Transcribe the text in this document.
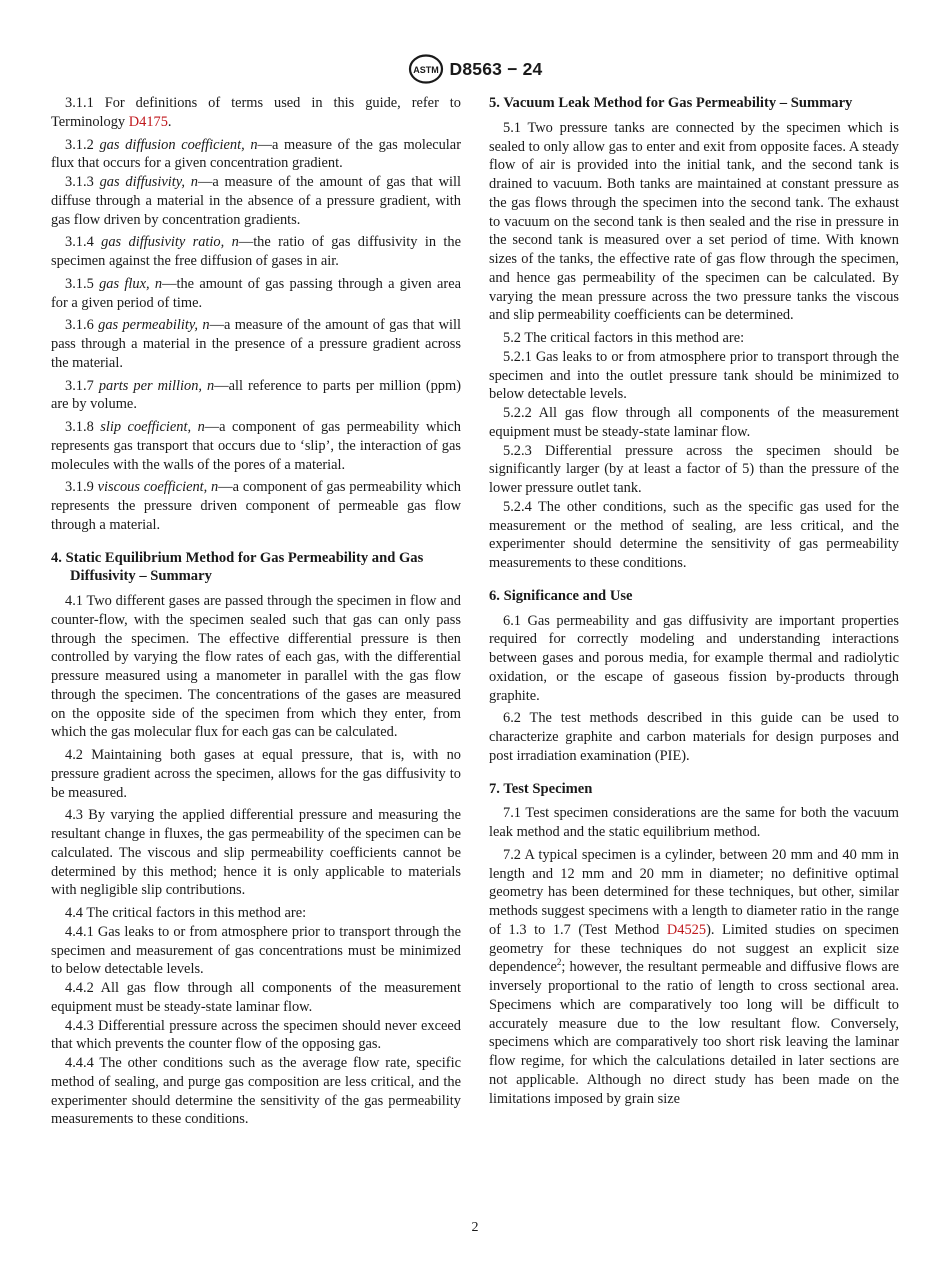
ASTM D8563 − 24

3.1.1 For definitions of terms used in this guide, refer to Terminology D4175.

3.1.2 gas diffusion coefficient, n—a measure of the gas molecular flux that occurs for a given concentration gradient.

3.1.3 gas diffusivity, n—a measure of the amount of gas that will diffuse through a material in the absence of a pressure gradient, with gas flow driven by concentration gradients.

3.1.4 gas diffusivity ratio, n—the ratio of gas diffusivity in the specimen against the free diffusion of gases in air.

3.1.5 gas flux, n—the amount of gas passing through a given area for a given period of time.

3.1.6 gas permeability, n—a measure of the amount of gas that will pass through a material in the presence of a pressure gradient across the material.

3.1.7 parts per million, n—all reference to parts per million (ppm) are by volume.

3.1.8 slip coefficient, n—a component of gas permeability which represents gas transport that occurs due to ‘slip’, the interaction of gas molecules with the walls of the pores of a material.

3.1.9 viscous coefficient, n—a component of gas permeability which represents the pressure driven component of permeable gas flow through a material.

4. Static Equilibrium Method for Gas Permeability and Gas Diffusivity – Summary

4.1 Two different gases are passed through the specimen in flow and counter-flow, with the specimen sealed such that gas can only pass through the specimen. The effective differential pressure is then controlled by varying the flow rates of each gas, with the differential pressure measured using a manometer in parallel with the gas flow through the specimen. The concentrations of the gases are measured on the opposite side of the specimen from which they enter, from which the gas molecular flux for each gas can be calculated.

4.2 Maintaining both gases at equal pressure, that is, with no pressure gradient across the specimen, allows for the gas diffusivity to be measured.

4.3 By varying the applied differential pressure and measuring the resultant change in fluxes, the gas permeability of the specimen can be calculated. The viscous and slip permeability coefficients cannot be determined by this method; hence it is only applicable to materials with negligible slip contributions.

4.4 The critical factors in this method are:

4.4.1 Gas leaks to or from atmosphere prior to transport through the specimen and measurement of gas concentrations must be minimized to below detectable levels.

4.4.2 All gas flow through all components of the measurement equipment must be steady-state laminar flow.

4.4.3 Differential pressure across the specimen should never exceed that which prevents the counter flow of the opposing gas.

4.4.4 The other conditions such as the average flow rate, specific method of sealing, and purge gas composition are less critical, and the experimenter should determine the sensitivity of the gas permeability measurements to these conditions.

5. Vacuum Leak Method for Gas Permeability – Summary

5.1 Two pressure tanks are connected by the specimen which is sealed to only allow gas to enter and exit from opposite faces. A steady flow of air is provided into the initial tank, and the second tank is drained to vacuum. Both tanks are maintained at constant pressure as the gas flows through the specimen into the second tank. The exhaust to vacuum on the second tank is then sealed and the rise in pressure in the second tank is measured over a set period of time. With known sizes of the tanks, the effective rate of gas flow through the specimen, and hence gas permeability of the specimen can be calculated. By varying the mean pressure across the two pressure tanks the viscous and slip permeability coefficients can be determined.

5.2 The critical factors in this method are:

5.2.1 Gas leaks to or from atmosphere prior to transport through the specimen and into the outlet pressure tank should be minimized to below detectable levels.

5.2.2 All gas flow through all components of the measurement equipment must be steady-state laminar flow.

5.2.3 Differential pressure across the specimen should be significantly larger (by at least a factor of 5) than the pressure of the lower pressure outlet tank.

5.2.4 The other conditions, such as the specific gas used for the measurement or the method of sealing, are less critical, and the experimenter should determine the sensitivity of gas permeability measurements to these conditions.

6. Significance and Use

6.1 Gas permeability and gas diffusivity are important properties required for correctly modeling and understanding interactions between gases and porous media, for example thermal and radiolytic oxidation, or the escape of gaseous fission by-products through graphite.

6.2 The test methods described in this guide can be used to characterize graphite and carbon materials for design purposes and post irradiation examination (PIE).

7. Test Specimen

7.1 Test specimen considerations are the same for both the vacuum leak method and the static equilibrium method.

7.2 A typical specimen is a cylinder, between 20 mm and 40 mm in length and 12 mm and 20 mm in diameter; no definitive optimal geometry has been determined for these techniques, but other, similar methods suggest specimens with a length to diameter ratio in the range of 1.3 to 1.7 (Test Method D4525). Limited studies on specimen geometry for these techniques do not suggest an explicit size dependence$^2$; however, the resultant permeable and diffusive flows are inversely proportional to the ratio of length to cross sectional area. Specimens which are comparatively too long will be difficult to accurately measure due to the low resultant flow. Conversely, specimens which are comparatively too short risk leaving the laminar flow regime, for which the calculations detailed in later sections are not applicable. Although no direct study has been made on the limitations imposed by grain size

2
